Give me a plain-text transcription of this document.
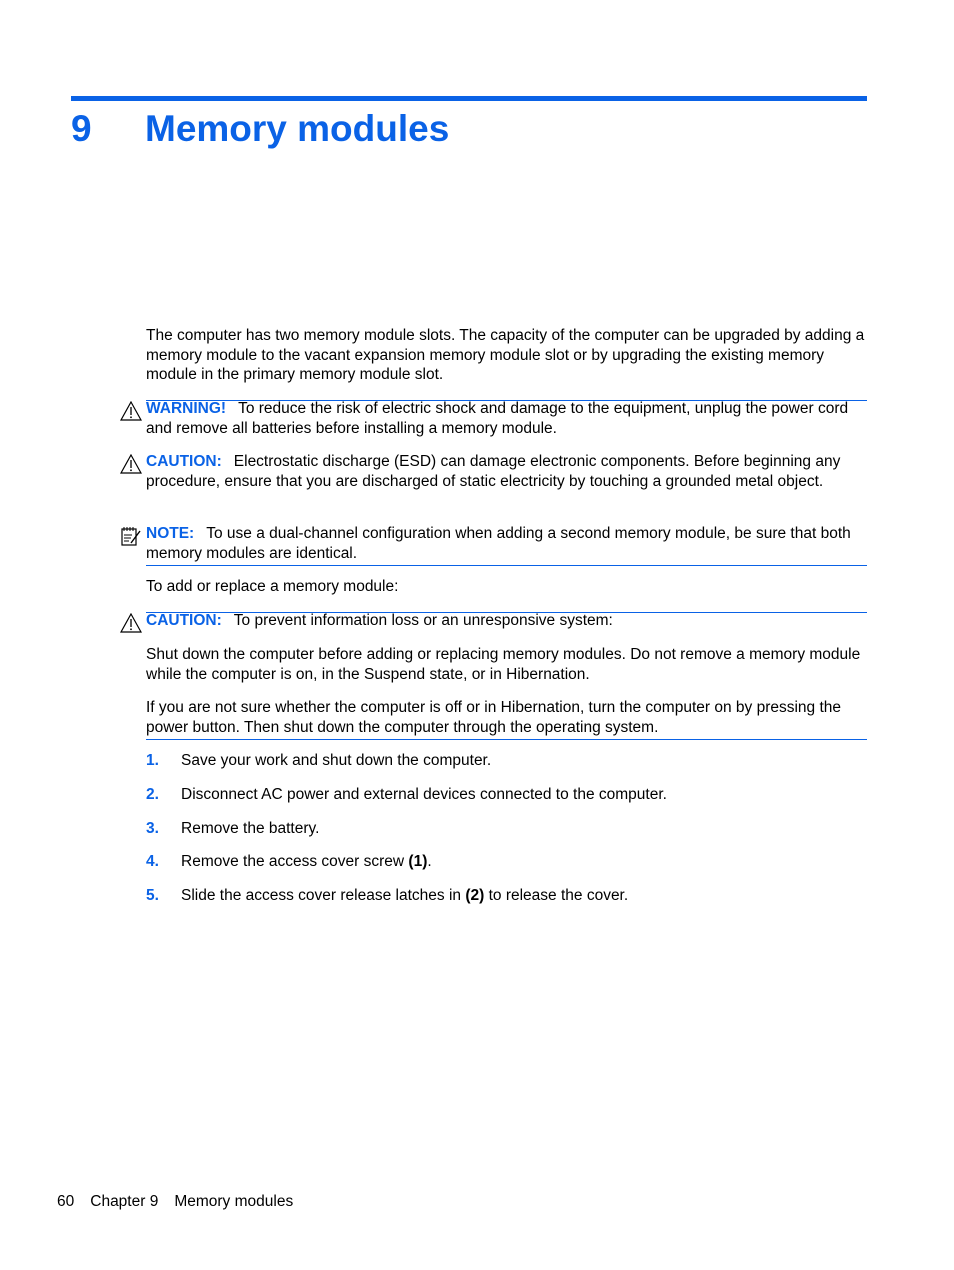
9 Memory modules

The computer has two memory module slots. The capacity of the computer can be upgraded by adding a memory module to the vacant expansion memory module slot or by upgrading the existing memory module in the primary memory module slot.

WARNING! To reduce the risk of electric shock and damage to the equipment, unplug the power cord and remove all batteries before installing a memory module.

CAUTION: Electrostatic discharge (ESD) can damage electronic components. Before beginning any procedure, ensure that you are discharged of static electricity by touching a grounded metal object.

NOTE: To use a dual-channel configuration when adding a second memory module, be sure that both memory modules are identical.

To add or replace a memory module:

CAUTION: To prevent information loss or an unresponsive system:

Shut down the computer before adding or replacing memory modules. Do not remove a memory module while the computer is on, in the Suspend state, or in Hibernation.

If you are not sure whether the computer is off or in Hibernation, turn the computer on by pressing the power button. Then shut down the computer through the operating system.

1. Save your work and shut down the computer.
2. Disconnect AC power and external devices connected to the computer.
3. Remove the battery.
4. Remove the access cover screw (1).
5. Slide the access cover release latches in (2) to release the cover.
60 Chapter 9 Memory modules
